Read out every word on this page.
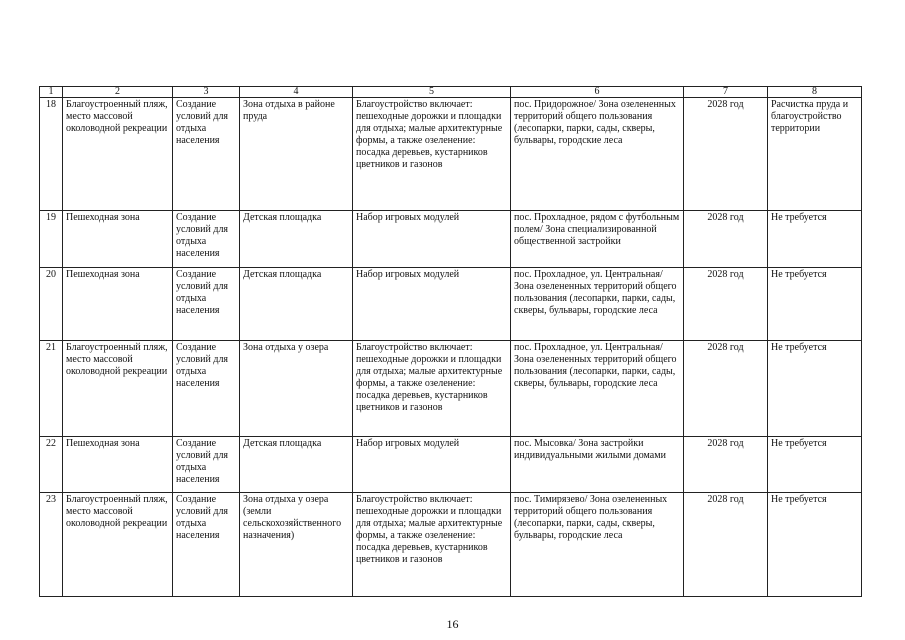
1	2	3	4	5	6	7	8
18	Благоустроенный пляж, место массовой околоводной рекреации	Создание условий для отдыха населения	Зона отдыха в районе пруда	Благоустройство включает: пешеходные дорожки и площадки для отдыха; малые архитектурные формы, а также озеленение: посадка деревьев, кустарников цветников и газонов	пос. Придорожное/ Зона озелененных территорий общего пользования (лесопарки, парки, сады, скверы, бульвары, городские леса	2028 год	Расчистка пруда и благоустройство территории
19	Пешеходная зона	Создание условий для отдыха населения	Детская площадка	Набор игровых модулей	пос. Прохладное, рядом с футбольным полем/ Зона специализированной общественной застройки	2028 год	Не требуется
20	Пешеходная зона	Создание условий для отдыха населения	Детская площадка	Набор игровых модулей	пос. Прохладное, ул. Центральная/ Зона озелененных территорий общего пользования (лесопарки, парки, сады, скверы, бульвары, городские леса	2028 год	Не требуется
21	Благоустроенный пляж, место массовой околоводной рекреации	Создание условий для отдыха населения	Зона отдыха у озера	Благоустройство включает: пешеходные дорожки и площадки для отдыха; малые архитектурные формы, а также озеленение: посадка деревьев, кустарников цветников и газонов	пос. Прохладное, ул. Центральная/ Зона озелененных территорий общего пользования (лесопарки, парки, сады, скверы, бульвары, городские леса	2028 год	Не требуется
22	Пешеходная зона	Создание условий для отдыха населения	Детская площадка	Набор игровых модулей	пос. Мысовка/ Зона застройки индивидуальными жилыми домами	2028 год	Не требуется
23	Благоустроенный пляж, место массовой околоводной рекреации	Создание условий для отдыха населения	Зона отдыха у озера (земли сельскохозяйственного назначения)	Благоустройство включает: пешеходные дорожки и площадки для отдыха; малые архитектурные формы, а также озеленение: посадка деревьев, кустарников цветников и газонов	пос. Тимирязево/ Зона озелененных территорий общего пользования (лесопарки, парки, сады, скверы, бульвары, городские леса	2028 год	Не требуется
16
